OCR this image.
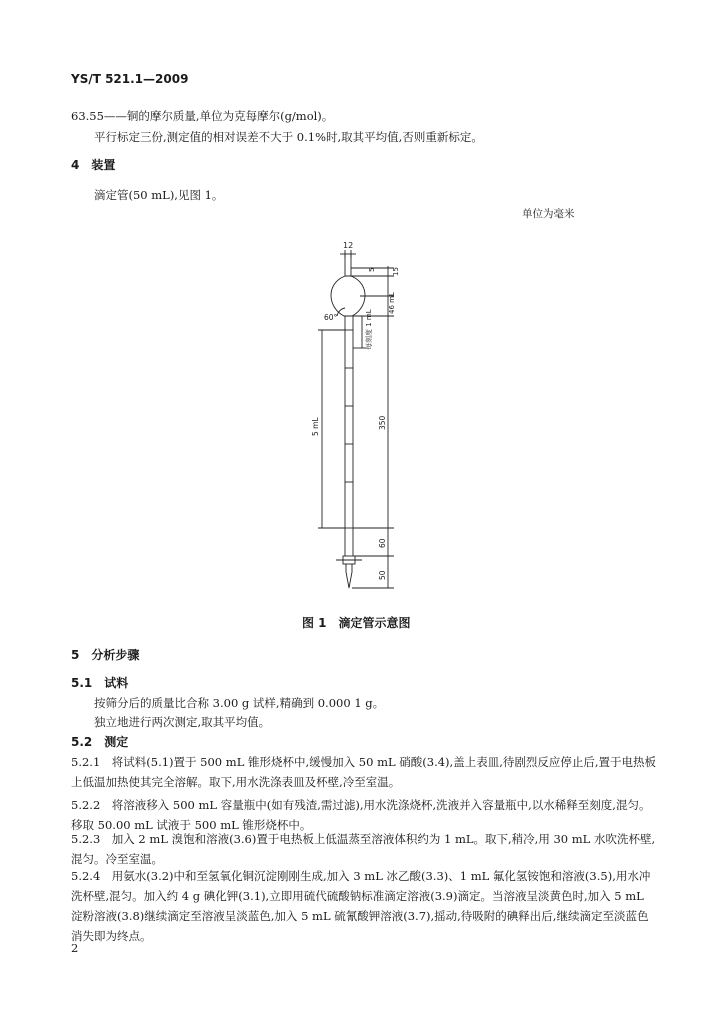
YS/T 521.1—2009
63.55——铜的摩尔质量,单位为克每摩尔(g/mol)。
平行标定三份,测定值的相对误差不大于 0.1%时,取其平均值,否则重新标定。
4　装置
滴定管(50 mL),见图 1。
单位为毫米
12
5 15
46 mL
60°	每刻度 1 mL
5 mL	350
60
50
图 1　滴定管示意图
5　分析步骤
5.1　试料
按筛分后的质量比合称 3.00 g 试样,精确到 0.000 1 g。
独立地进行两次测定,取其平均值。
5.2　测定
5.2.1　将试料(5.1)置于 500 mL 锥形烧杯中,缓慢加入 50 mL 硝酸(3.4),盖上表皿,待剧烈反应停止后,置于电热板上低温加热使其完全溶解。取下,用水洗涤表皿及杯壁,冷至室温。
5.2.2　将溶液移入 500 mL 容量瓶中(如有残渣,需过滤),用水洗涤烧杯,洗液并入容量瓶中,以水稀释至刻度,混匀。移取 50.00 mL 试液于 500 mL 锥形烧杯中。
5.2.3　加入 2 mL 溴饱和溶液(3.6)置于电热板上低温蒸至溶液体积约为 1 mL。取下,稍冷,用 30 mL 水吹洗杯壁,混匀。冷至室温。
5.2.4　用氨水(3.2)中和至氢氧化铜沉淀刚刚生成,加入 3 mL 冰乙酸(3.3)、1 mL 氟化氢铵饱和溶液(3.5),用水冲洗杯壁,混匀。加入约 4 g 碘化钾(3.1),立即用硫代硫酸钠标准滴定溶液(3.9)滴定。当溶液呈淡黄色时,加入 5 mL 淀粉溶液(3.8)继续滴定至溶液呈淡蓝色,加入 5 mL 硫氰酸钾溶液(3.7),摇动,待吸附的碘释出后,继续滴定至淡蓝色消失即为终点。
2
